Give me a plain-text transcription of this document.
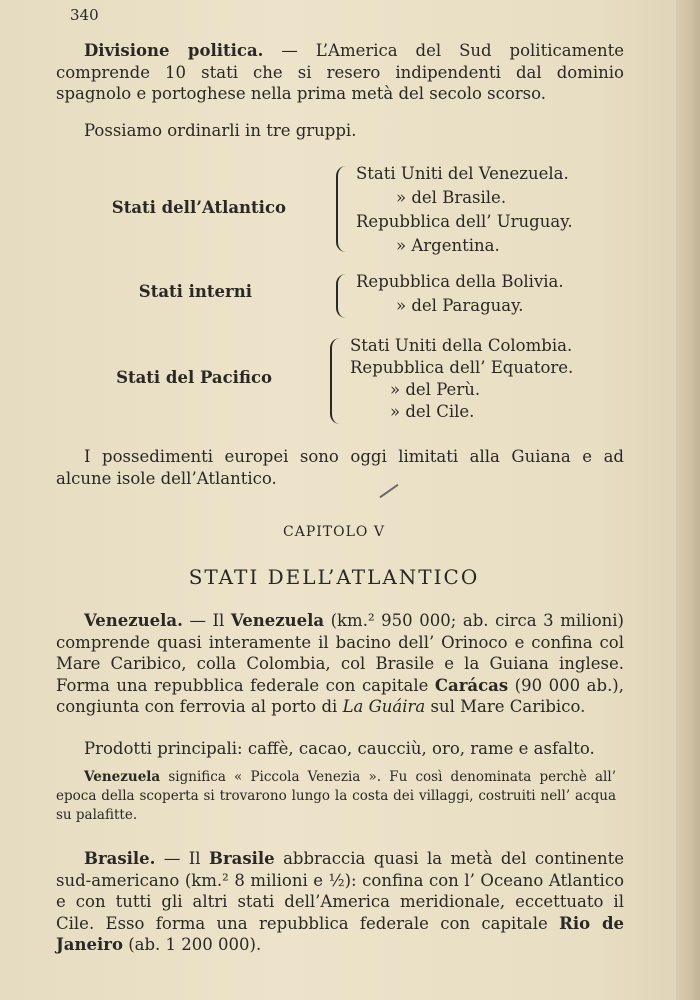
340

Divisione politica. — L’America del Sud politicamente comprende 10 stati che si resero indipendenti dal dominio spagnolo e portoghese nella prima metà del secolo scorso.

Possiamo ordinarli in tre gruppi.

Stati dell’Atlantico
Stati Uniti del Venezuela.
» del Brasile.
Repubblica dell’ Uruguay.
» Argentina.
Stati interni
Repubblica della Bolivia.
» del Paraguay.
Stati del Pacifico
Stati Uniti della Colombia.
Repubblica dell’ Equatore.
» del Perù.
» del Cile.

I possedimenti europei sono oggi limitati alla Guiana e ad alcune isole dell’Atlantico.

CAPITOLO V
STATI DELL’ATLANTICO

Venezuela. — Il Venezuela (km.² 950 000; ab. circa 3 milioni) comprende quasi interamente il bacino dell’ Orinoco e confina col Mare Caribico, colla Colombia, col Brasile e la Guiana inglese. Forma una repubblica federale con capitale Carácas (90 000 ab.), congiunta con ferrovia al porto di La Guáira sul Mare Caribico.

Prodotti principali: caffè, cacao, caucciù, oro, rame e asfalto.

Venezuela significa « Piccola Venezia ». Fu così denominata perchè all’ epoca della scoperta si trovarono lungo la costa dei villaggi, costruiti nell’ acqua su palafitte.

Brasile. — Il Brasile abbraccia quasi la metà del continente sud-americano (km.² 8 milioni e ½): confina con l’ Oceano Atlantico e con tutti gli altri stati dell’America meridionale, eccettuato il Cile. Esso forma una repubblica federale con capitale Rio de Janeiro (ab. 1 200 000).
